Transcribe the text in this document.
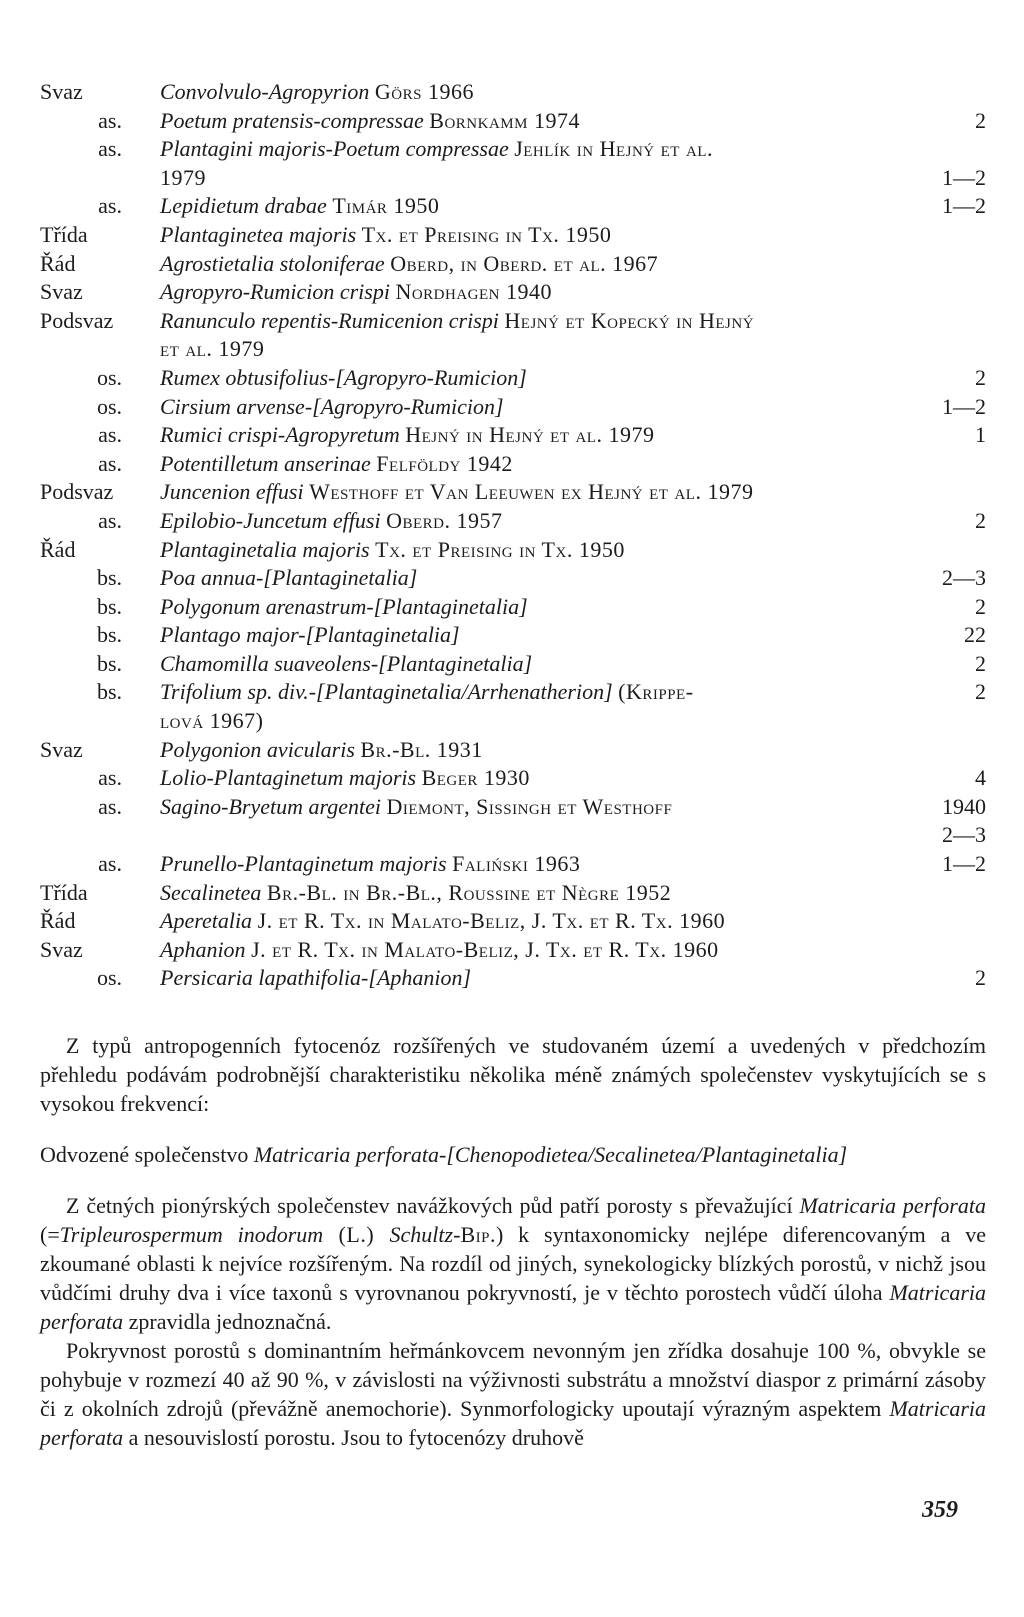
Svaz	Convolvulo-Agropyrion Görs 1966
as.	Poetum pratensis-compressae Bornkamm 1974	2
as.	Plantagini majoris-Poetum compressae Jehlík in Hejný et al.
1979	1—2
as.	Lepidietum drabae Timár 1950	1—2
Třída	Plantaginetea majoris Tx. et Preising in Tx. 1950
Řád	Agrostietalia stoloniferae Oberd, in Oberd. et al. 1967
Svaz	Agropyro-Rumicion crispi Nordhagen 1940
Podsvaz	Ranunculo repentis-Rumicenion crispi Hejný et Kopecký in Hejný
et al. 1979
os.	Rumex obtusifolius-[Agropyro-Rumicion]	2
os.	Cirsium arvense-[Agropyro-Rumicion]	1—2
as.	Rumici crispi-Agropyretum Hejný in Hejný et al. 1979	1
as.	Potentilletum anserinae Felföldy 1942
Podsvaz	Juncenion effusi Westhoff et Van Leeuwen ex Hejný et al. 1979
as.	Epilobio-Juncetum effusi Oberd. 1957	2
Řád	Plantaginetalia majoris Tx. et Preising in Tx. 1950
bs.	Poa annua-[Plantaginetalia]	2—3
bs.	Polygonum arenastrum-[Plantaginetalia]	2
bs.	Plantago major-[Plantaginetalia]	22
bs.	Chamomilla suaveolens-[Plantaginetalia]	2
bs.	Trifolium sp. div.-[Plantaginetalia/Arrhenatherion] (Krippe-	2
lová 1967)
Svaz	Polygonion avicularis Br.-Bl. 1931
as.	Lolio-Plantaginetum majoris Beger 1930	4
as.	Sagino-Bryetum argentei Diemont, Sissingh et Westhoff	1940
2—3
as.	Prunello-Plantaginetum majoris Faliński 1963	1—2
Třída	Secalinetea Br.-Bl. in Br.-Bl., Roussine et Nègre 1952
Řád	Aperetalia J. et R. Tx. in Malato-Beliz, J. Tx. et R. Tx. 1960
Svaz	Aphanion J. et R. Tx. in Malato-Beliz, J. Tx. et R. Tx. 1960
os.	Persicaria lapathifolia-[Aphanion]	2

Z typů antropogenních fytocenóz rozšířených ve studovaném území a uvedených v předchozím přehledu podávám podrobnější charakteristiku několika méně známých společenstev vyskytujících se s vysokou frekvencí:

Odvozené společenstvo Matricaria perforata-[Chenopodietea/Secalinetea/Plantaginetalia]

Z četných pionýrských společenstev navážkových půd patří porosty s převažující Matricaria perforata (=Tripleurospermum inodorum (L.) Schultz-Bip.) k syntaxonomicky nejlépe diferencovaným a ve zkoumané oblasti k nejvíce rozšířeným. Na rozdíl od jiných, synekologicky blízkých porostů, v nichž jsou vůdčími druhy dva i více taxonů s vyrovnanou pokryvností, je v těchto porostech vůdčí úloha Matricaria perforata zpravidla jednoznačná.

Pokryvnost porostů s dominantním heřmánkovcem nevonným jen zřídka dosahuje 100 %, obvykle se pohybuje v rozmezí 40 až 90 %, v závislosti na výživnosti substrátu a množství diaspor z primární zásoby či z okolních zdrojů (převážně anemochorie). Synmorfologicky upoutají výrazným aspektem Matricaria perforata a nesouvislostí porostu. Jsou to fytocenózy druhově

359
